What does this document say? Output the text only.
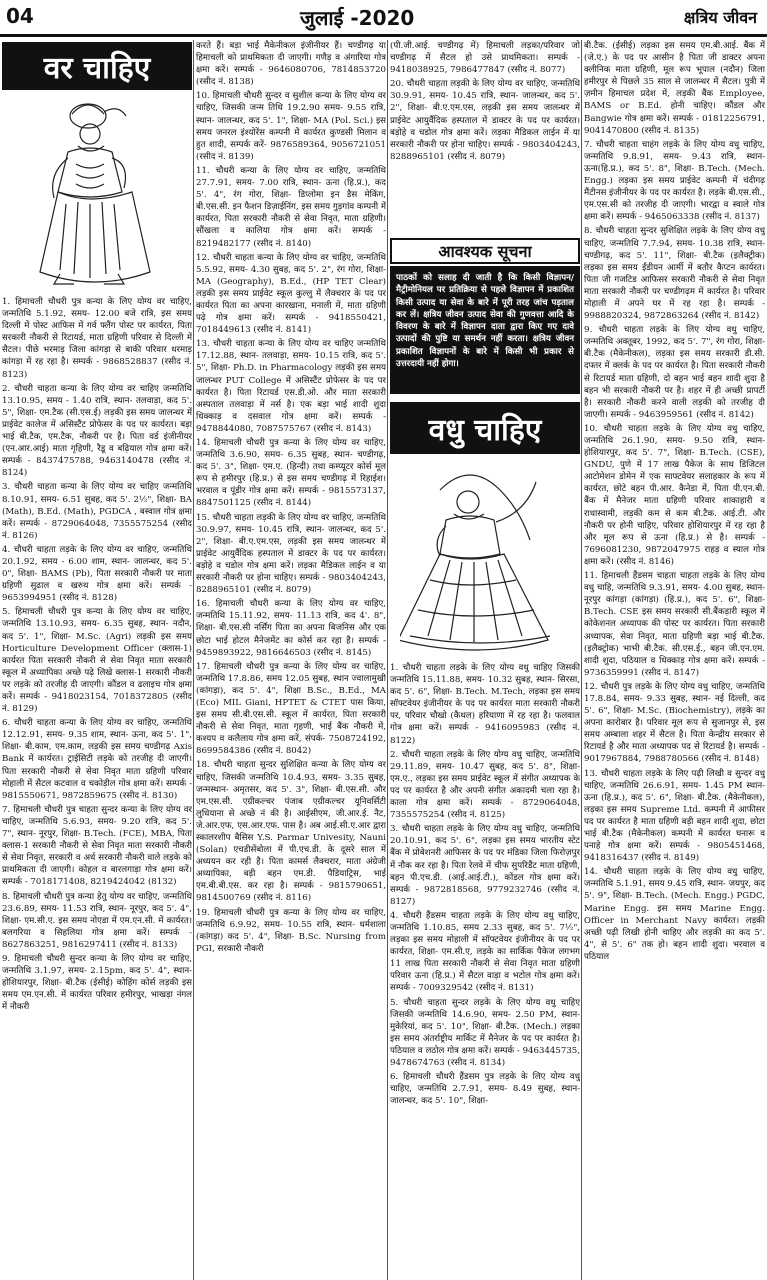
04	जुलाई -2020	क्षत्रिय जीवन
वर चाहिए

1. हिमाचली चौधरी पुत्र कन्या के लिए योग्य वर चाहिए, जन्मतिथि 5.1.92, समय- 12.00 बजे रात्रि, इस समय दिल्ली में पोस्ट आफिस में गर्व फ्लैंग पोस्ट पर कार्यरत, पिता सरकारी नौकरी से रिटायर्ड, माता ग्रहिणी परिवार से दिल्ली में सैटल। पीछे भरमाड़ जिला कांगड़ा से बाकी परिवार धरमाड़ कांगड़ा में रह रहा है। सम्पर्क - 9868528837 (रसीद नं. 8123)

2. चौधरी चाहता कन्या के लिए योग्य वर चाहिए जन्मतिथि 13.10.95, समय - 1.40 रात्रि, स्थान- तलवाड़ा, कद 5'. 5", शिक्षा- एम.टैक (सी.एस.ई) लड़की इस समय जालन्धर में प्राईवेट कालेज में असिस्टैंट प्रोफेसर के पद पर कार्यरत। बड़ा भाई बी.टैक, एम.टैक, नौकरी पर है। पिता वर्ड इंजीनीयर (एन.आर.आई) माता गृहिणी, रैडू व बढ़ियाल गोत्र क्षमा करें। सम्पर्क - 8437475788, 9463140478 (रसीद नं. 8124)

3. चौधरी चाहता कन्या के लिए योग्य वर चाहिए जन्मतिथि 8.10.91, समय- 6.51 सुबह, कद 5'. 2½", शिक्षा- BA (Math), B.Ed. (Math), PGDCA , बस्वाल गोत्र क्षमा करें। सम्पर्क - 8729064048, 7355575254 (रसीद नं. 8126)

4. चौधरी चाहता लड़के के लिए योग्य वर चाहिए, जन्मतिथि 20.1.92, समय - 6.00 शाम, स्थान- जालन्धर, कद 5'. 0", शिक्षा- BAMS (Pb), पिता सरकारी नौकरी पर माता ग्रहिणी सुढाल व खरुथ गोत्र क्षमा करें। सम्पर्क - 9653994951 (रसीद नं. 8128)

5. हिमाचली चौधरी पुत्र कन्या के लिए योग्य वर चाहिए, जन्मतिथि 13.10.93, समय- 6.35 सुबह, स्थान- नदौन, कद 5'. 1", शिक्षा- M.Sc. (Agri) लड़की इस समय Horticulture Development Officer (क्लास-1) कार्यरत पिता सरकारी नौकरी से सेवा निवृत माता सरकारी स्कूल में अध्यापिका अच्छे पढ़े लिखे क्लास-1 सरकारी नौकरी पर लड़के को तरजीह दी जाएगी। कौंडल व ढलाइच गोत्र क्षमा करें। सम्पर्क - 9418023154, 7018372805 (रसीद नं. 8129)

6. चौधरी चाहता कन्या के लिए योग्य वर चाहिए, जन्मतिथि 12.12.91, समय- 9.35 शाम, स्थान- ऊना, कद 5'. 1", शिक्षा- बी.काम, एम.काम, लड़की इस समय चण्डीगढ़ Axis Bank में कार्यरत। ट्राईसिटी लड़के को तरजीह दी जाएगी। पिता सरकारी नौकरी से सेवा निवृत माता ग्रहिणी परिवार मोहाली में सैटल कटवाल व चकोड़ील गोत्र क्षमा करें। सम्पर्क - 9815550671, 9872859675 (रसीद नं. 8130)

7. हिमाचली चौधरी पुत्र चाहता सुन्दर कन्या के लिए योग्य वर चाहिए, जन्मतिथि 5.6.93, समय- 9.20 रात्रि, कद 5'. 7", स्थान- नूरपुर, शिक्षा- B.Tech. (FCE), MBA, पिता क्लास-1 सरकारी नौकरी से सेवा निवृत माता सरकारी नौकरी से सेवा निवृत, सरकारी व अर्ध सरकारी नौकरी वाले लड़के को प्राथमिकता दी जाएगी। कोहल व बारलगाड़ा गोत्र क्षमा करें। सम्पर्क - 7018171408, 8219424042 (8132)

8. हिमाचली चौधरी पुत्र कन्या हेतु योग्य वर चाहिए, जन्मतिथि 23.6.89, समय- 11.53 रात्रि, स्थान- नूरपुर, कद 5'. 4", शिक्षा- एम.सी.ए. इस समय नोएडा में एम.एन.सी. में कार्यरत। बलगरिया व सिहलिया गोत्र क्षमा करें। सम्पर्क - 8627863251, 9816297411 (रसीद नं. 8133)

9. हिमाचली चौधरी सुन्दर कन्या के लिए योग्य वर चाहिए, जन्मतिथि 3.1.97, समय- 2.15pm, कद 5'. 4", स्थान- होशियारपुर, शिक्षा- बी.टैक (ईसीई) कोहिंग कोर्स लड़की इस समय एम.एन.सी. में कार्यरत परिवार हमीरपुर, भाखड़ा नंगल में नौकरी

करते हैं। बड़ा भाई मैकेनीकल इंजीनीयर हैं। चण्डीगढ़ या हिमाचली को प्राथमिकता दी जाएगी। गणैड़ व अंगारिया गोत्र क्षमा करें। सम्पर्क - 9646080706, 7814853720 (रसीद नं. 8138)

10. हिमाचली चौधरी सुन्दर व सुशील कन्या के लिए योग्य वर चाहिए, जिसकी जन्म तिथि 19.2.90 समय- 9.55 रात्रि, स्थान- जालन्धर, कद 5'. 1", शिक्षा- MA (Pol. Sci.) इस समय जनरल इंश्योरेंस कम्पनी में कार्यरत कुण्डसी मिलान व हुत शादी, सम्पर्क करें- 9876589364, 9056721051 (रसीद नं. 8139)

11. चौधरी कन्या के लिए योग्य वर चाहिए, जन्मतिथि 27.7.91, समय- 7.00 रात्रि, स्थान- ऊना (हि.प्र.), कद 5'. 4", रंग गोरा, शिक्षा- डिप्लोमा इन डैस मेकिंग, बी.एस.सी. इन फैशन डिज़ाईनिंग, इस समय गुड़गांव कम्पनी में कार्यरत, पिता सरकारी नौकरी से सेवा निवृत, माता ग्रहिणी। सौंखला व कालिया गोत्र क्षमा करें। सम्पर्क - 8219482177 (रसीद नं. 8140)

12. चौधरी चाहता कन्या के लिए योग्य वर चाहिए, जन्मतिथि 5.5.92, समय- 4.30 सुबह, कद 5'. 2", रंग गोरा, शिक्षा- MA (Geography), B.Ed., (HP TET Clear) लड़की इस समय प्राईवेट स्कूल कुल्लु में लैक्चरार के पद पर कार्यरत पिता का अपना कारखाना, मनाली में, माता ग्रहिणी पढ़े गोत्र क्षमा करें। सम्पर्क - 9418550421, 7018449613 (रसीद नं. 8141)

13. चौधरी चाहता कन्या के लिए योग्य वर चाहिए जन्मतिथि 17.12.88, स्थान- तलवाड़ा, समय- 10.15 रात्रि, कद 5'. 5", शिक्षा- Ph.D. in Pharmacology लड़की इस समय जालन्धर PUT College में असिस्टैंट प्रोफेसर के पद पर कार्यरत है। पिता रिटायर्ड एस.डी.ओ. और माता सरकारी अस्पताल तलवाड़ा में नर्स है। एक बड़ा भाई शादी शुदा धिक्काड़ व दसवाल गोत्र क्षमा करें। सम्पर्क - 9478844080, 7087575767 (रसीद नं. 8143)

14. हिमाचली चौधरी पुत्र कन्या के लिए योग्य वर चाहिए, जन्मतिथि 3.6.90, समय- 6.35 सुबह, स्थान- चण्डीगढ़, कद 5'. 3", शिक्षा- एम.ए. (हिन्दी) तथा कम्प्यूटर कोर्स मूल रूप से हमीरपुर (हि.प्र.) से इस समय चण्डीगढ़ में रिहाईश। भरवाल व पूंडीर गोत्र क्षमा करें। सम्पर्क - 9815573137, 8847501125 (रसीद नं. 8144)

15. चौधरी चाहता लड़की के लिए योग्य वर चाहिए, जन्मतिथि 30.9.97, समय- 10.45 रात्रि, स्थान- जालन्धर, कद 5'. 2", शिक्षा- बी.ए.एम.एस, लड़की इस समय जालन्धर में प्राईवेट आयुर्वैदिक हस्पताल में डाक्टर के पद पर कार्यरत। बड़ोहे व चडोल गोत्र क्षमा करें। लड़का मैडिकल लाईन व या सरकारी नौकरी पर होना चाहिए। सम्पर्क - 9803404243, 8288965101 (रसीद नं. 8079)

16. हिमाचली चौधरी कन्या के लिए योग्य वर चाहिए, जन्मतिथि 15.11.92, समय- 11.13 रात्रि, कद 4'. 8", शिक्षा- बी.एस.सी नर्सिंग पिता का अपना बिजनिस और एक छोटा भाई होटल मैनेजमेंट का कोर्स कर रहा है। सम्पर्क - 9459893922, 9816646503 (रसीद नं. 8145)

17. हिमाचली चौधरी पुत्र कन्या के लिए योग्य वर चाहिए, जन्मतिथि 17.8.86, समय 12.05 सुबह, स्थान ज्वालामुखी (कांगड़ा), कद 5'. 4", शिक्षा B.Sc., B.Ed., MA (Eco) MIL Giani, HPTET & CTET पास किया, इस समय सी.बी.एस.सी. स्कूल में कार्यरत, पिता सरकारी नौकरी से सेवा निवृत, माता गृहणी, भाई बैंक नौकरी में, कश्यप व कलैलाय गोत्र क्षमा करें, संपर्क- 7508724192, 8699584386 (रसीद नं. 8042)

18. चौधरी चाहता सुन्दर सुशिक्षित कन्या के लिए योग्य वर चाहिए, जिसकी जन्मतिथि 10.4.93, समय- 3.35 सुबह, जन्मस्थान- अमृतसर, कद 5'. 3", शिक्षा- बी.एस.सी. और एम.एस.सी. एग्रीकल्चर पंजाब एग्रीकल्चर यूनिवर्सिटी लुधियाना से अच्छे नं की है। आईसीएम, जी.आर.ई. नैट, जे.आर.एफ, एस.आर.एफ. पास है। अब आई.सी.ए.आर द्वारा स्कालरशीप बैसिस Y.S. Parmar Univesity, Nauni (Solan) एचडीसेंबोला में पी.एच.डी. के दूसरे साल में अध्ययन कर रही है। पिता कामर्स लैक्चरार, माता अंग्रेजी अध्यापिका, बड़ी बहन एम.डी. पैडियाट्रिस, भाई एम.बी.बी.एस. कर रहा है। सम्पर्क - 9815790651, 9814500769 (रसीद नं. 8116)

19. हिमाचली चौधरी पुत्र कन्या के लिए योग्य वर चाहिए, जन्मतिथि 6.9.92, समय- 10.55 रात्रि, स्थान- धर्मशाला (कांगड़ा) कद 5'. 4", शिक्षा- B.Sc. Nursing from PGI, सरकारी नौकरी

(पी.जी.आई. चण्डीगढ़ में) हिमाचली लड़का/परिवार जो चण्डीगढ़ में सैटल हो उसे प्राथमिकता। सम्पर्क - 9418038925, 7986477847 (रसीद नं. 8077)

20. चौधरी चाहता लड़की के लिए योग्य वर चाहिए, जन्मतिथि 30.9.91, समय- 10.45 रात्रि, स्थान- जालन्धर, कद 5'. 2", शिक्षा- बी.ए.एम.एस, लड़की इस समय जालन्धर में प्राईवेट आयुर्वैदिक हस्पताल में डाक्टर के पद पर कार्यरत। बड़ोहे व चडोल गोत्र क्षमा करें। लड़का मैडिकल लाईन में या सरकारी नौकरी पर होना चाहिए। सम्पर्क - 9803404243, 8288965101 (रसीद नं. 8079)

आवश्यक सूचना
पाठकों को सलाह दी जाती है कि किसी विज्ञापन/ मैट्रीमोनियल पर प्रतिक्रिया से पहले विज्ञापन में प्रकाशित किसी उत्पाद या सेवा के बारे में पूरी तरह जांच पड़ताल कर लें। क्षत्रिय जीवन उत्पाद सेवा की गुणवत्ता आदि के विवरण के बारे में विज्ञापन दाता द्वारा किए गए दावे उत्पादों की पुष्टि या समर्थन नहीं करता। क्षत्रिय जीवन प्रकाशित विज्ञापनों के बारे में किसी भी प्रकार से उत्तरदायी नहीं होगा।
वधु चाहिए

1. चौधरी चाहता लड़के के लिए योग्य वधु चाहिए जिसकी जन्मतिथि 15.11.88, समय- 10.32 सुबह, स्थान- सिरसा, कद 5'. 6", शिक्षा- B.Tech. M.Tech, लड़का इस समय सॉफ्टवेयर इंजीनीयर के पद पर कार्यरत माता सरकारी नौकरी पर, परिवार चौखो (कैथल) हरियाणा में रह रहा है। फलवाल गोत्र क्षमा करें। सम्पर्क - 9416095983 (रसीद नं. 8122)

2. चौधरी चाहता लड़के के लिए योग्य वधु चाहिए, जन्मतिथि 29.11.89, समय- 10.47 सुबह, कद 5'. 8", शिक्षा- एम.ए., लड़का इस समय प्राईवेट स्कूल में संगीत अध्यापक के पद पर कार्यरत है और अपनी संगीत अकादमी चला रहा है। काला गोत्र क्षमा करें। सम्पर्क - 8729064048, 7355575254 (रसीद नं. 8125)

3. चौधरी चाहता लड़के के लिए योग्य वधु चाहिए, जन्मतिथि 20.10.91, कद 5'. 6", लड़का इस समय भारतीय स्टेट बैंक में प्रोबेशनरी आफिसर के पद पर मंडिका जिला फिरोज़पुर में नौक कर रहा है। पिता रेलवे में चीफ सुपरिडैंट माता ग्रहिणी, बहन पी.एच.डी. (आई.आई.टी.), कोंडल गोत्र क्षमा करें। सम्पर्क - 9872818568, 9779232746 (रसीद नं. 8127)

4. चौधरी हैंडसम चाहता लड़के के लिए योग्य वधु चाहिए, जन्मतिथि 1.10.85, समय 2.33 सुबह, कद 5'. 7½", लड़का इस समय मोहाली में सॉफ्टवेयर इंजीनीयर के पद पर कार्यरत, शिक्षा- एम.सी.ए, लड़के का सार्किक पैकेज लगभग 11 लाख पिता सरकारी नौकरी से सेवा निवृत माता ग्रहिणी परिवार ऊना (हि.प्र.) में सैटल वाड़ा व भटोल गोत्र क्षमा करें। सम्पर्क - 7009329542 (रसीद नं. 8131)

5. चौधरी चाहता सुन्दर लड़के के लिए योग्य वधु चाहिए जिसकी जन्मतिथि 14.6.90, समय- 2.50 PM, स्थान- मुकेरियां, कद 5'. 10", शिक्षा- बी.टैक. (Mech.) लड़का इस समय अंतर्राष्ट्रीय मार्किट में मैनेजर के पद पर कार्यरत है। पठियाल व लठोल गोत्र क्षमा करें। सम्पर्क - 9463445735, 9478674763 (रसीद नं. 8134)

6. हिमाचली चौधरी हैंडसम पुत्र लड़के के लिए योग्य वधु चाहिए, जन्मतिथि 2.7.91, समय- 8.49 सुबह, स्थान- जालन्धर, कद 5'. 10", शिक्षा-

बी.टैक. (ईसीई) लड़का इस समय एम.बी.आई. बैंक में (जे.ए.) के पद पर आसीन है पिता जी डाक्टर अपना क्लीनिक माता ग्रहिणी, मूल रूप भूपाल (नदौन) जिला हमीरपुर से पिछले 35 साल से जालन्धर में सैटल। पुत्री में ज़मीन हिमाचल प्रदेश में, लड़की बैंक Employee, BAMS or B.Ed. होनी चाहिए। कौंडल और Bangwie गोत्र क्षमा करें। सम्पर्क - 01812256791, 9041470800 (रसीद नं. 8135)

7. चौधरी चाहता चाहंग लड़के के लिए योग्य वधु चाहिए, जन्मतिथि 9.8.91, समय- 9.43 रात्रि, स्थान- ऊना(हि.प्र.), कद 5'. 8", शिक्षा- B.Tech. (Mech. Engg.) लड़का इस समय प्राईवेट कम्पनी में चंदीगढ़ मैंटीनस इंजीनीयर के पद पर कार्यरत है। लड़के बी.एस.सी., एम.एस.सी को तरजीह दी जाएगी। भारद्वा व स्वाले गोत्र क्षमा करें। सम्पर्क - 9465063338 (रसीद नं. 8137)

8. चौधरी चाहता सुन्दर सुशिक्षित लड़के के लिए योग्य वधु चाहिए, जन्मतिथि 7.7.94, समय- 10.38 रात्रि, स्थान- चण्डीगढ़, कद 5'. 11", शिक्षा- बी.टैक (इलैक्ट्रीक) लड़का इस समय ईंडीयन आर्मी में बतौर कैप्टन कार्यरत। पिता जी गजटिड आफिसर सरकारी नौकरी से सेवा निवृत माता सरकारी नौकरी पर चण्डीगढ़म में कार्यरत है। परिवार मोहाली में अपने घर में रह रहा है। सम्पर्क - 9988820324, 9872863264 (रसीद नं. 8142)

9. चौधरी चाहता लड़के के लिए योग्य वधु चाहिए, जन्मतिथि अक्तूबर, 1992, कद 5'. 7", रंग गोरा, शिक्षा- बी.टैक (मैकेनीकल), लड़का इस समय सरकारी डी.सी. दफ्तर में क्लर्क के पद पर कार्यरत है। पिता सरकारी नौकरी से रिटायर्ड माता ग्रहिणी, दो बहन भाई बहन शादी शुदा है बहन भी सरकारी नौकरी पर है। शहर में ही अच्छी प्रापर्टी है। सरकारी नौकरी करने वाली लड़की को तरजीह दी जाएगी। सम्पर्क - 9463959561 (रसीद नं. 8142)

10. चौधरी चाहता लड़के के लिए योग्य वधु चाहिए, जन्मतिथि 26.1.90, समय- 9.50 रात्रि, स्थान- होशियारपुर, कद 5'. 7", शिक्षा- B.Tech. (CSE), GNDU, पुणे में 17 लाख पैकेज के साथ डिजिटल आटोमेशन डोमेन में एक साफ्टवेयर सलाहकार के रूप में कार्यरत, छोटे बहन पी.आर. कैनेडा में, पिता पी.एन.बी. बैंक में मैनेजर माता ग्रहिणी परिवार शाकाहारी व राधास्वामी, लड़की कम से कम बी.टैक. आई.टी. और नौकरी पर होनी चाहिए, परिवार होशियारपुर में रह रहा है और मूल रूप से ऊना (हि.प्र.) से है। सम्पर्क - 7696081230, 9872047975 राहड़ व स्याल गोत्र क्षमा करें। (रसीद नं. 8146)

11. हिमाचली हैंडसम चाहता चाहता लड़के के लिए योग्य वधु चाहि, जन्मतिथि 9.3.91, समय- 4.00 सुबह, स्थान- नूरपुर कांगड़ा (कांगड़ा) (हि.प्र.), कद 5'. 6", शिक्षा- B.Tech. CSE इस समय सरकारी सी.बैंकड़ारी स्कूल में कोकेशनल अध्यापक की पोस्ट पर कार्यरत। पिता सरकारी अध्यापक, सेवा निवृत, माता ग्रहिणी बड़ा भाई बी.टैक. (इलैक्ट्रोक) भाभी बी.टैक. सी.एस.ई., बहन जी.एन.एम. शादी शुदा, पठियाल व धिक्काड़ गोत्र क्षमा करें। सम्पर्क - 9736359991 (रसीद नं. 8147)

12. चौधरी पुत्र लड़के के लिए योग्य वधु चाहिए, जन्मतिथि 17.8.84, समय- 9.33 सुबह, स्थान- नई दिल्ली, कद 5'. 6", शिक्षा- M.Sc. (Biochemistry), लड़के का अपना कारोबार है। परिवार मूल रूप से सुजानपुर से, इस समय अम्बाला शहर में सैटल है। पिता केन्द्रीय सरकार से रिटायर्ड है और माता अध्यापक पद से रिटायर्ड है। सम्पर्क - 9017967884, 7988780566 (रसीद नं. 8148)

13. चौधरी चाहता लड़के के लिए पढ़ी लिखी व सुन्दर वधु चाहिए, जन्मतिथि 26.6.91, समय- 1.45 PM स्थान- ऊना (हि.प्र.), कद 5'. 6", शिक्षा- बी.टैक. (मैकेनीकल), लड़का इस समय Supreme Ltd. कम्पनी में आफीसर पद पर कार्यरत है माता ग्रहिणी बड़ी बहन शादी शुदा, छोटा भाई बी.टैक (मैकेनीकल) कम्पनी में कार्यरत घनारू व पनाहे गोत्र क्षमा करें। सम्पर्क - 9805451468, 9418316437 (रसीद नं. 8149)

14. चौधरी चाहता लड़के के लिए योग्य वधु चाहिए, जन्मतिथि 5.1.91, समय 9.45 रात्रि, स्थान- जयपुर, कद 5'. 9", शिक्षा- B.Tech. (Mech. Engg.) PGDC, Marine Engg. इस समय Marine Engg. Officer in Merchant Navy कार्यरत। लड़की अच्छी पढ़ी लिखी होनी चाहिए और लड़की का कद 5'. 4", से 5'. 6" तक हो। बहन शादी शुदा। भरवाल व पठियाल
